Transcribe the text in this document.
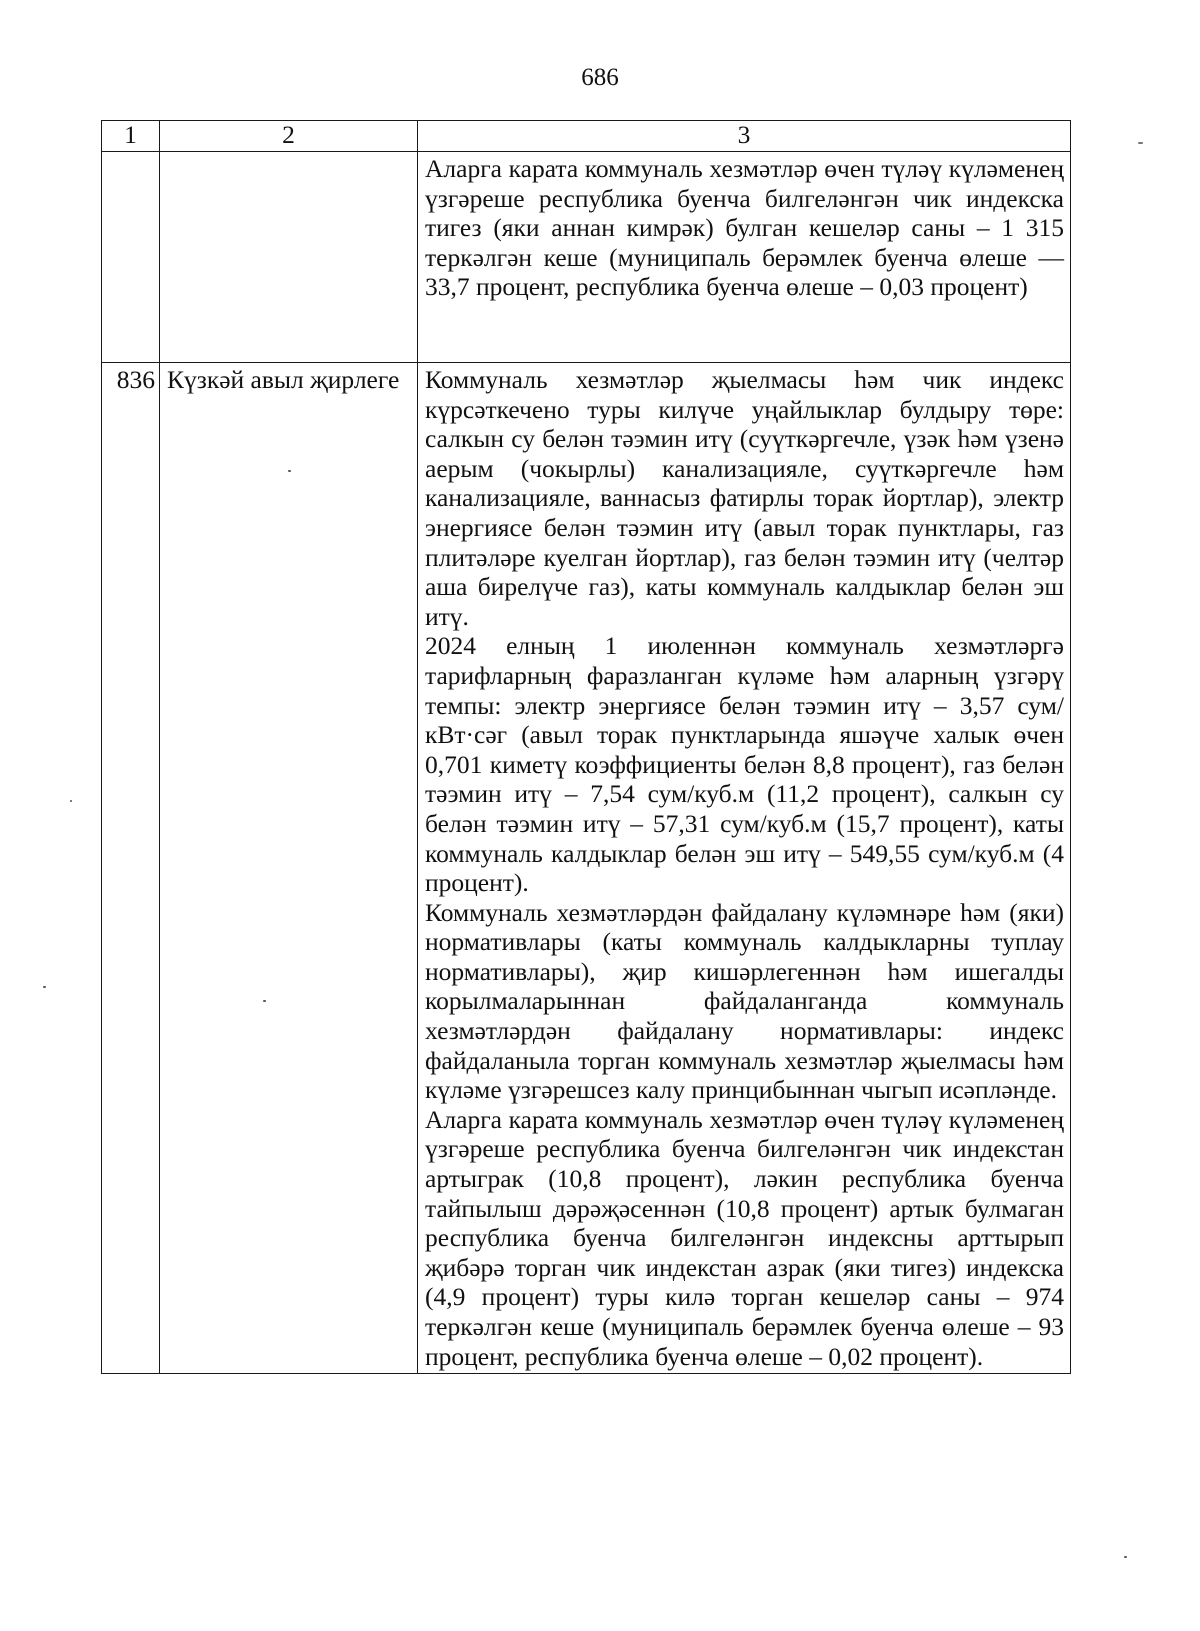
686
1	2	3

		Аларга карата коммуналь хезмәтләр өчен түләү күләменең үзгәреше республика буенча билгеләнгән чик индекска тигез (яки аннан кимрәк) булган кешеләр саны – 1 315 теркәлгән кеше (муниципаль берәмлек буенча өлеше — 33,7 процент, республика буенча өлеше – 0,03 процент)

836	Күзкәй авыл җирлеге	Коммуналь хезмәтләр җыелмасы һәм чик индекс күрсәткечено туры килүче уңайлыклар булдыру төре: салкын су белән тәэмин итү (суүткәргечле, үзәк һәм үзенә аерым (чокырлы) канализацияле, суүткәргечле һәм канализацияле, ваннасыз фатирлы торак йортлар), электр энергиясе белән тәэмин итү (авыл торак пунктлары, газ плитәләре куелган йортлар), газ белән тәэмин итү (челтәр аша бирелүче газ), каты коммуналь калдыклар белән эш итү.

2024 елның 1 июленнән коммуналь хезмәтләргә тарифларның фаразланган күләме һәм аларның үзгәрү темпы: электр энергиясе белән тәэмин итү – 3,57 сум/кВт·сәг (авыл торак пунктларында яшәүче халык өчен 0,701 киметү коэффициенты белән 8,8 процент), газ белән тәэмин итү – 7,54 сум/куб.м (11,2 процент), салкын су белән тәэмин итү – 57,31 сум/куб.м (15,7 процент), каты коммуналь калдыклар белән эш итү – 549,55 сум/куб.м (4 процент).

Коммуналь хезмәтләрдән файдалану күләмнәре һәм (яки) нормативлары (каты коммуналь калдыкларны туплау нормативлары), җир кишәрлегеннән һәм ишегалды корылмаларыннан файдаланганда коммуналь хезмәтләрдән файдалану нормативлары: индекс файдаланыла торган коммуналь хезмәтләр җыелмасы һәм күләме үзгәрешсез калу принцибыннан чыгып исәпләнде.

Аларга карата коммуналь хезмәтләр өчен түләү күләменең үзгәреше республика буенча билгеләнгән чик индекстан артыграк (10,8 процент), ләкин республика буенча тайпылыш дәрәҗәсеннән (10,8 процент) артык булмаган республика буенча билгеләнгән индексны арттырып җибәрә торган чик индекстан азрак (яки тигез) индекска (4,9 процент) туры килә торган кешеләр саны – 974 теркәлгән кеше (муниципаль берәмлек буенча өлеше – 93 процент, республика буенча өлеше – 0,02 процент).
